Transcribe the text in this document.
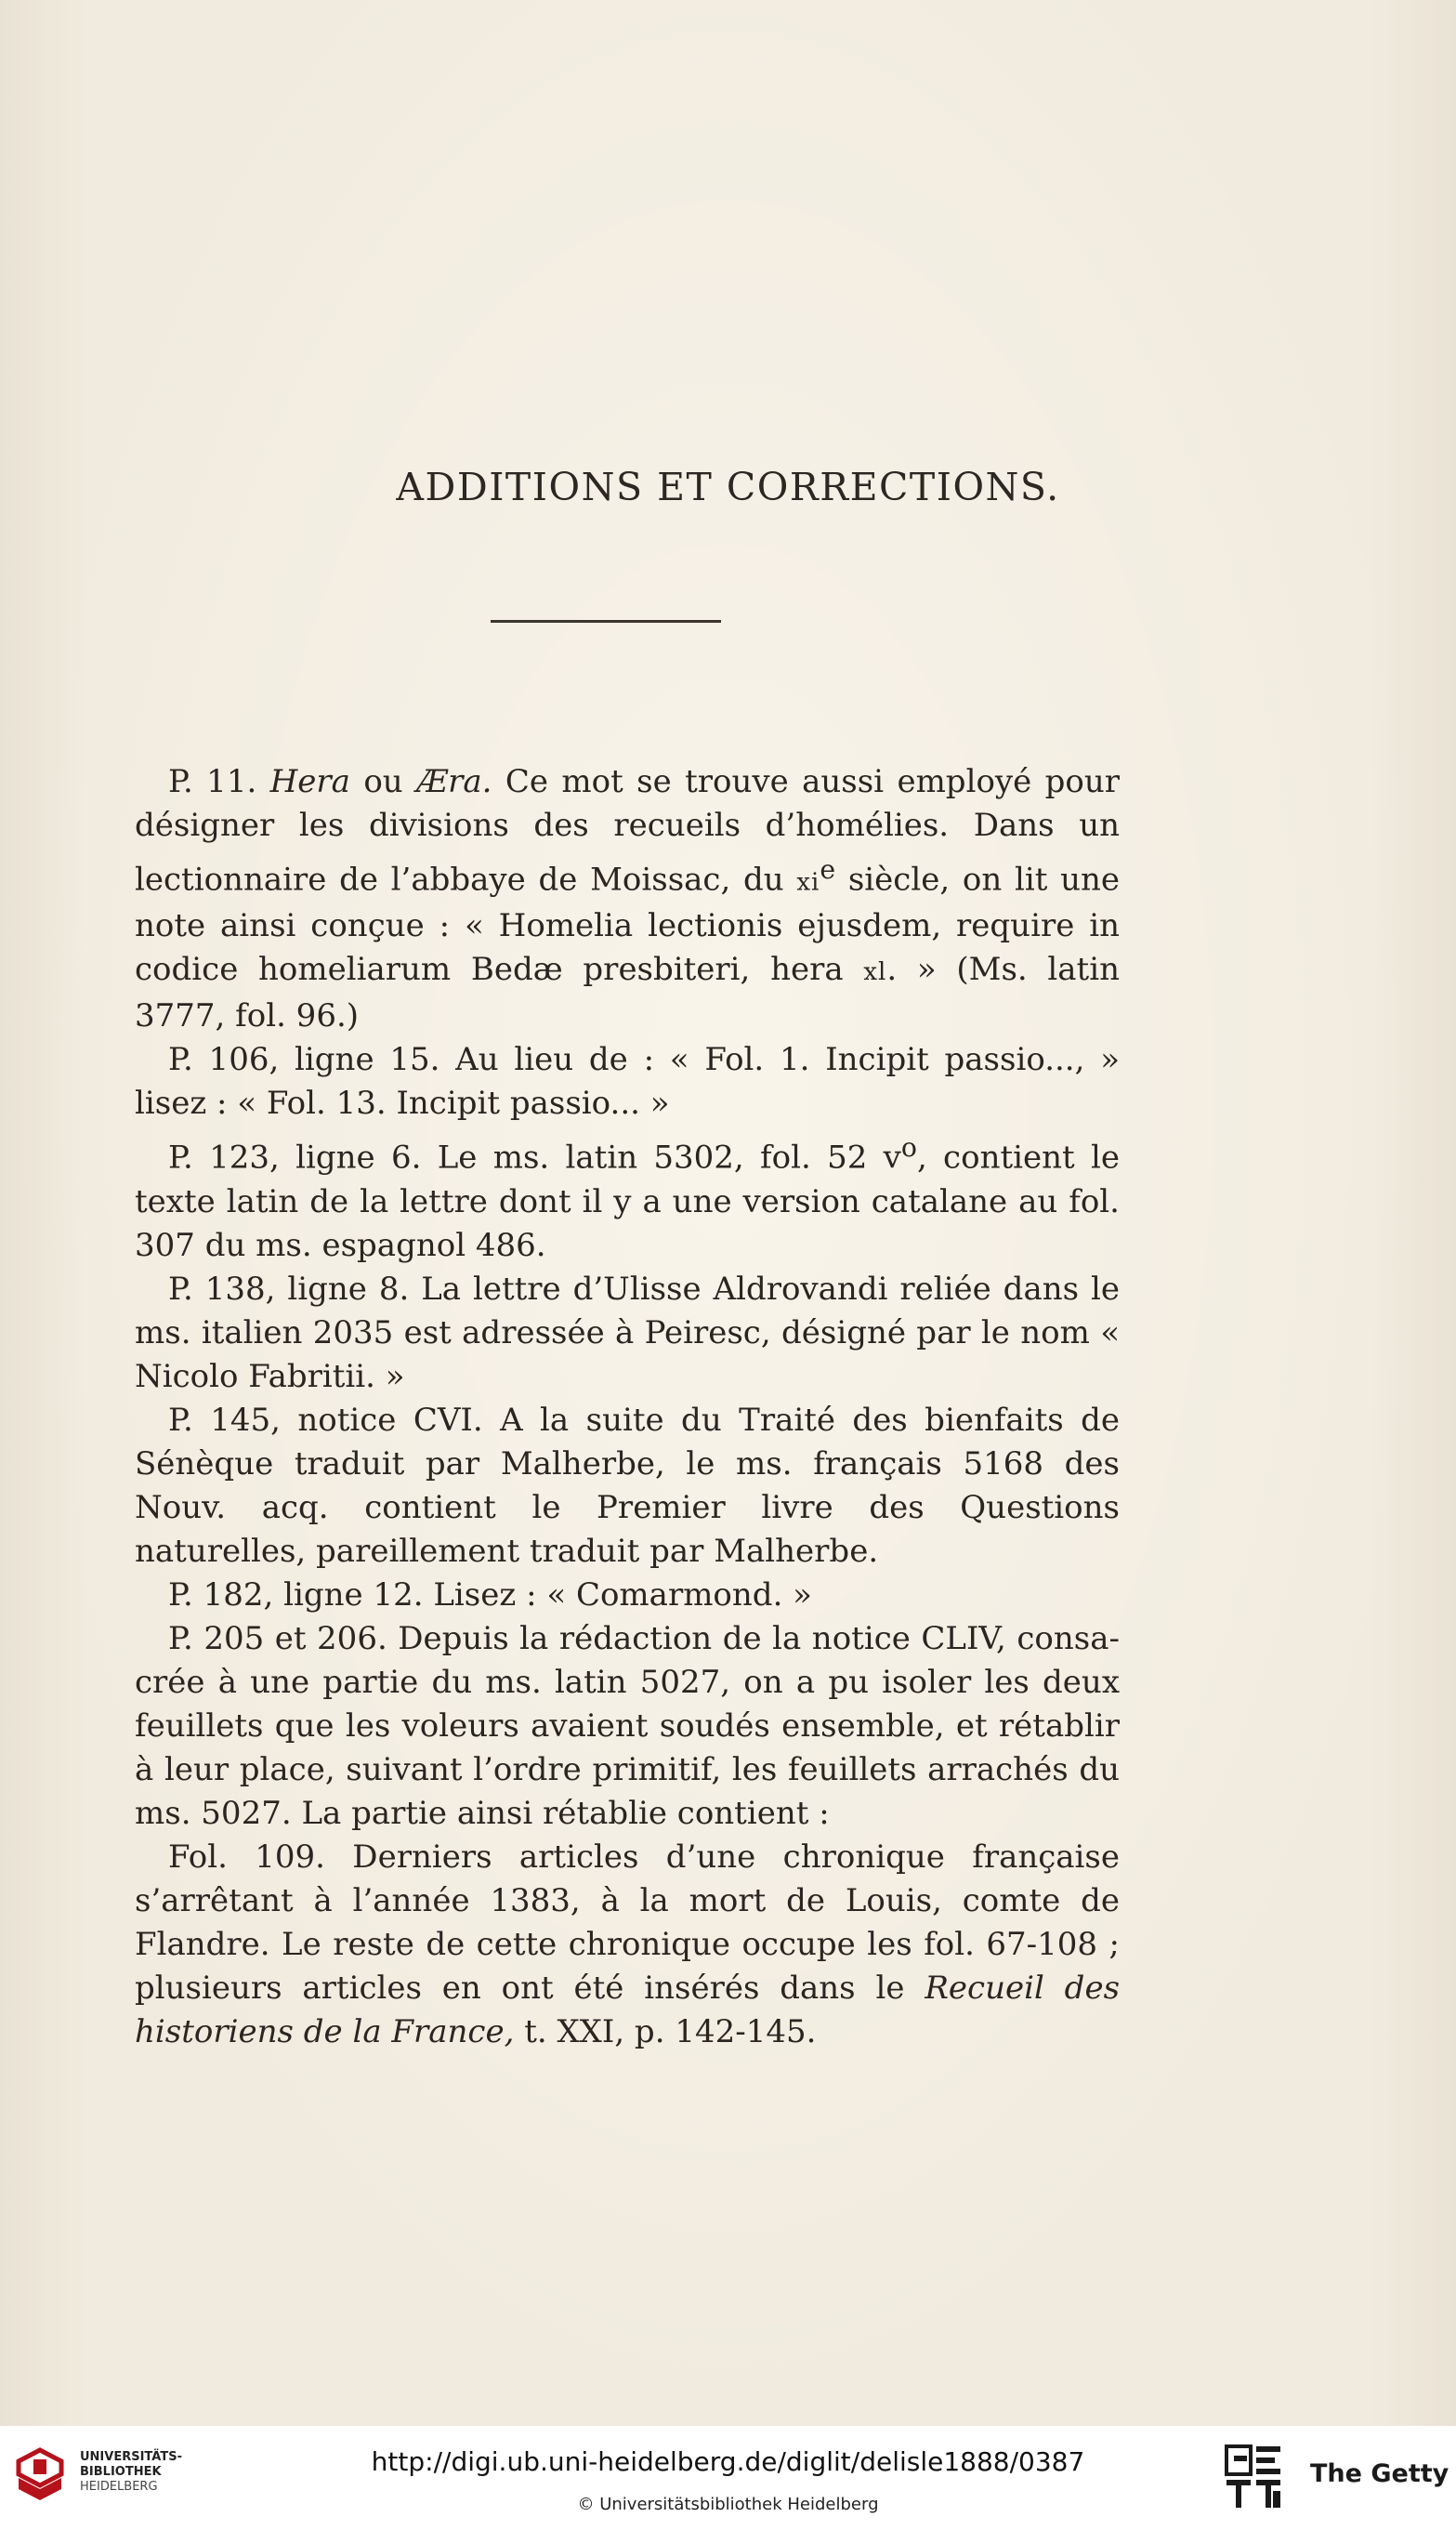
ADDITIONS ET CORRECTIONS.

P. 11. Hera ou Æra. Ce mot se trouve aussi employé pour désigner les divisions des recueils d’homélies. Dans un lectionnaire de l’abbaye de Moissac, du $xi^e$ siècle, on lit une note ainsi conçue : « Homelia lectionis ejusdem, require in codice homeliarum Bedæ presbiteri, hera xl. » (Ms. latin 3777, fol. 96.)

P. 106, ligne 15. Au lieu de : « Fol. 1. Incipit passio..., » lisez : « Fol. 13. Incipit passio... »

P. 123, ligne 6. Le ms. latin 5302, fol. 52 $v^o$, contient le texte latin de la lettre dont il y a une version catalane au fol. 307 du ms. espagnol 486.

P. 138, ligne 8. La lettre d’Ulisse Aldrovandi reliée dans le ms. italien 2035 est adressée à Peiresc, désigné par le nom « Nicolo Fabritii. »

P. 145, notice CVI. A la suite du Traité des bienfaits de Sénèque traduit par Malherbe, le ms. français 5168 des Nouv. acq. contient le Premier livre des Questions naturelles, pareillement traduit par Malherbe.

P. 182, ligne 12. Lisez : « Comarmond. »

P. 205 et 206. Depuis la rédaction de la notice CLIV, consacrée à une partie du ms. latin 5027, on a pu isoler les deux feuillets que les voleurs avaient soudés ensemble, et rétablir à leur place, suivant l’ordre primitif, les feuillets arrachés du ms. 5027. La partie ainsi rétablie contient :

Fol. 109. Derniers articles d’une chronique française s’arrêtant à l’année 1383, à la mort de Louis, comte de Flandre. Le reste de cette chronique occupe les fol. 67-108 ; plusieurs articles en ont été insérés dans le Recueil des historiens de la France, t. XXI, p. 142-145.

UNIVERSITÄTS-
BIBLIOTHEK
HEIDELBERG
http://digi.ub.uni-heidelberg.de/diglit/delisle1888/0387
© Universitätsbibliothek Heidelberg
The Getty
